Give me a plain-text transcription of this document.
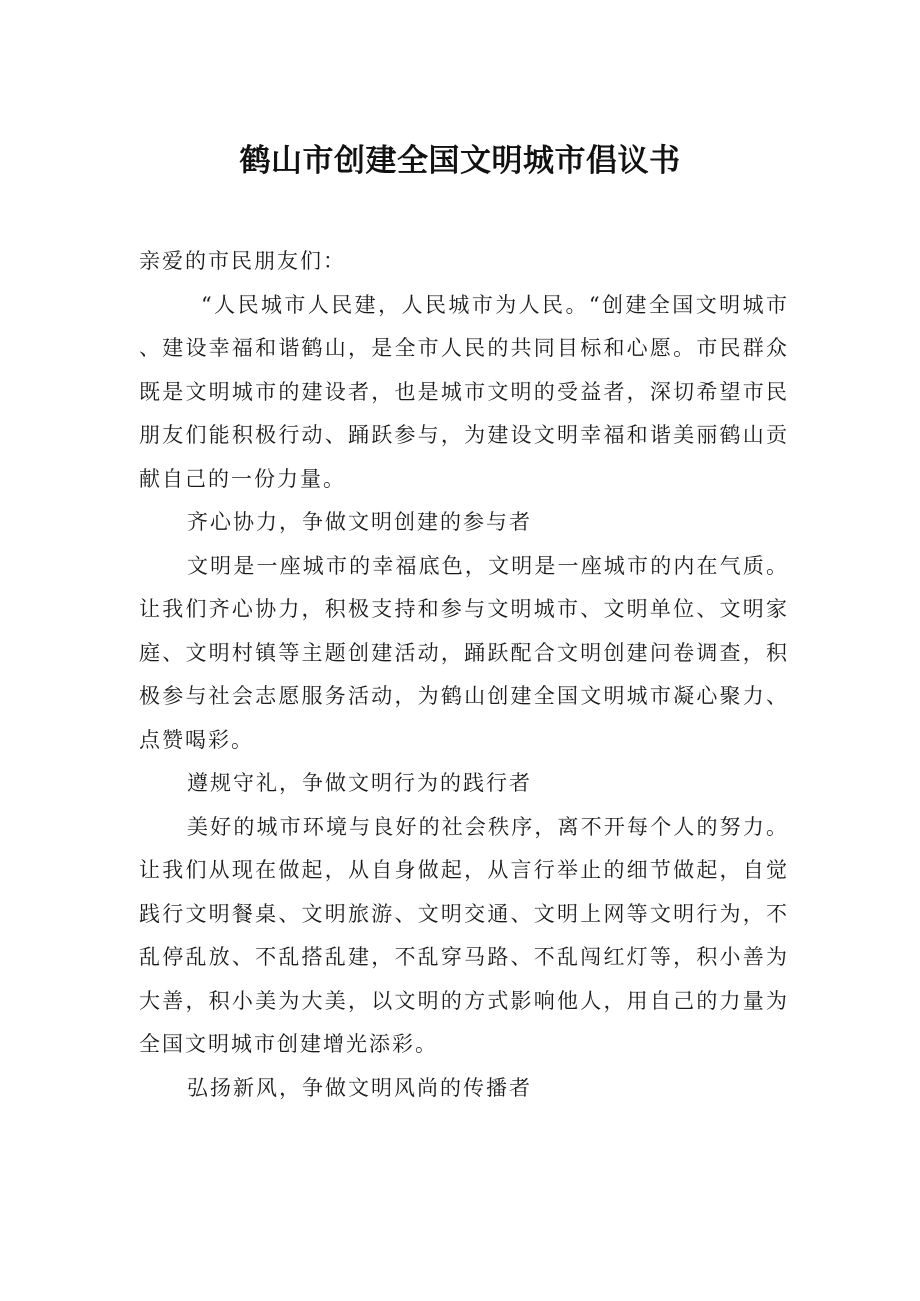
鹤山市创建全国文明城市倡议书

亲爱的市民朋友们：

“人民城市人民建，人民城市为人民。“创建全国文明城市、建设幸福和谐鹤山，是全市人民的共同目标和心愿。市民群众既是文明城市的建设者，也是城市文明的受益者，深切希望市民朋友们能积极行动、踊跃参与，为建设文明幸福和谐美丽鹤山贡献自己的一份力量。

齐心协力，争做文明创建的参与者

文明是一座城市的幸福底色，文明是一座城市的内在气质。让我们齐心协力，积极支持和参与文明城市、文明单位、文明家庭、文明村镇等主题创建活动，踊跃配合文明创建问卷调查，积极参与社会志愿服务活动，为鹤山创建全国文明城市凝心聚力、点赞喝彩。

遵规守礼，争做文明行为的践行者

美好的城市环境与良好的社会秩序，离不开每个人的努力。让我们从现在做起，从自身做起，从言行举止的细节做起，自觉践行文明餐桌、文明旅游、文明交通、文明上网等文明行为，不乱停乱放、不乱搭乱建，不乱穿马路、不乱闯红灯等，积小善为大善，积小美为大美，以文明的方式影响他人，用自己的力量为全国文明城市创建增光添彩。

弘扬新风，争做文明风尚的传播者
